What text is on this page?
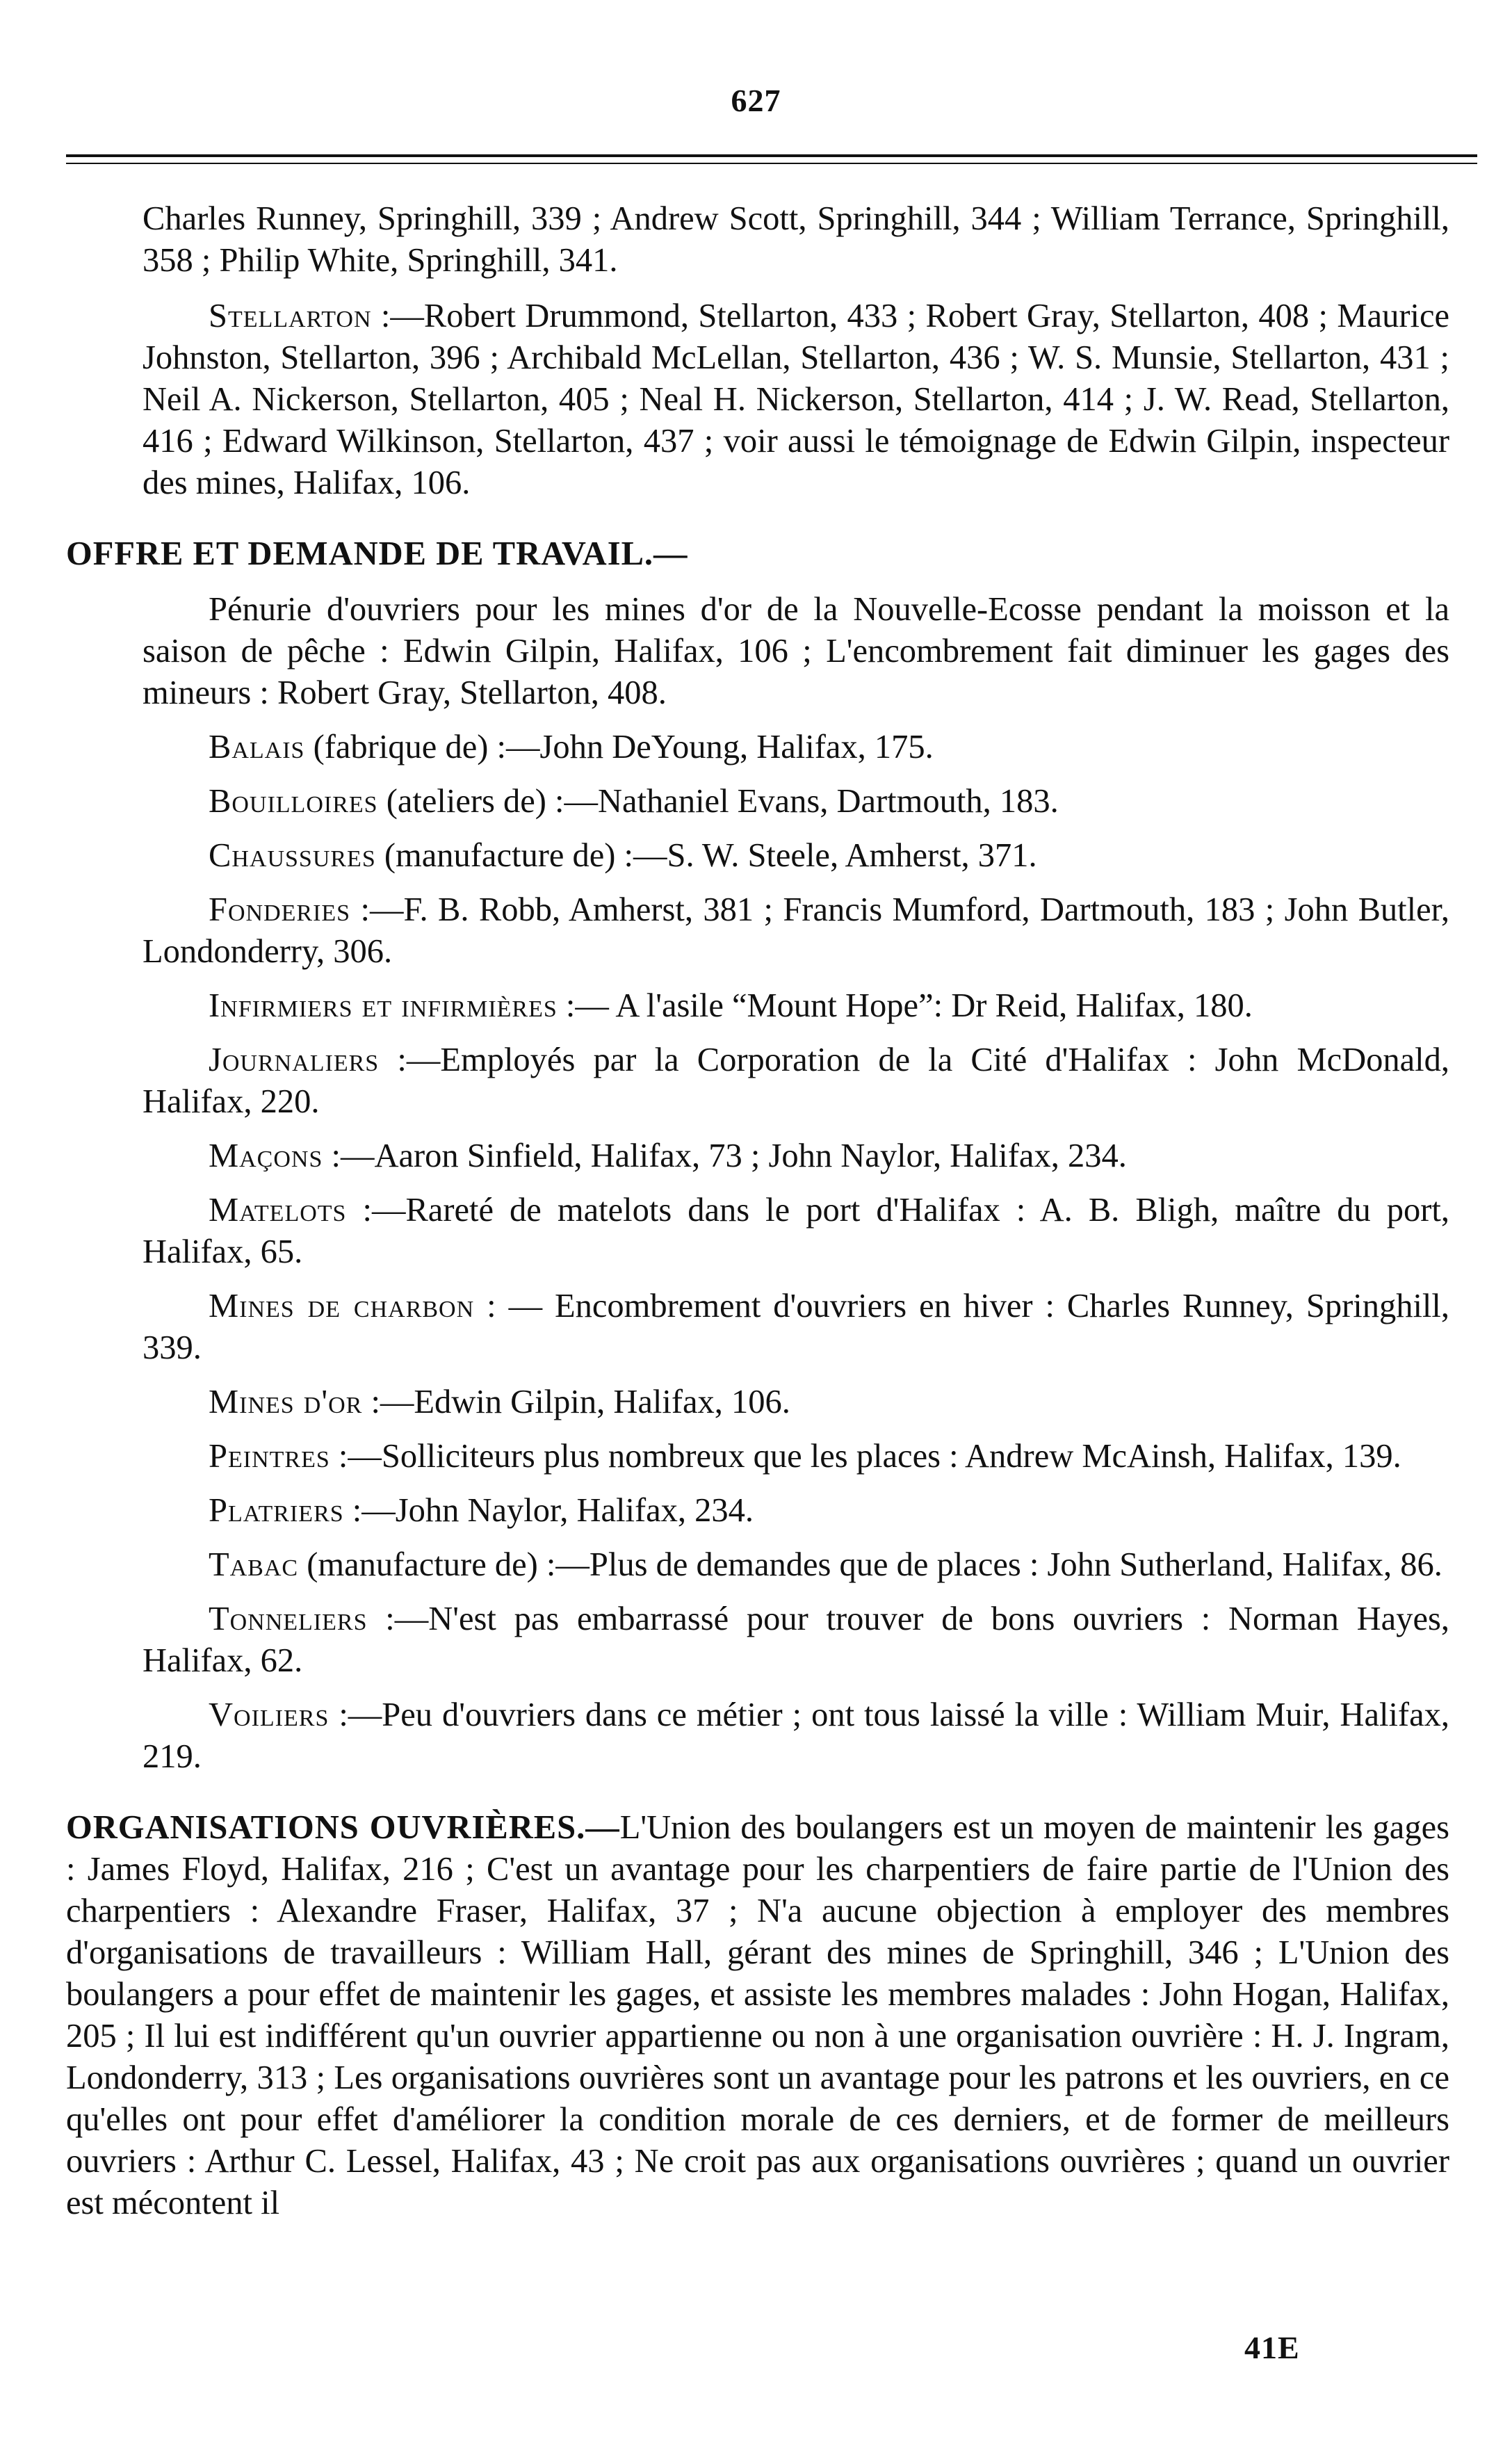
627

Charles Runney, Springhill, 339 ; Andrew Scott, Springhill, 344 ; William Terrance, Springhill, 358 ; Philip White, Springhill, 341.

Stellarton :—Robert Drummond, Stellarton, 433 ; Robert Gray, Stellarton, 408 ; Maurice Johnston, Stellarton, 396 ; Archibald McLellan, Stellarton, 436 ; W. S. Munsie, Stellarton, 431 ; Neil A. Nickerson, Stellarton, 405 ; Neal H. Nickerson, Stellarton, 414 ; J. W. Read, Stellarton, 416 ; Edward Wilkinson, Stellarton, 437 ; voir aussi le témoignage de Edwin Gilpin, inspecteur des mines, Halifax, 106.

OFFRE ET DEMANDE DE TRAVAIL.—

Pénurie d'ouvriers pour les mines d'or de la Nouvelle-Ecosse pendant la moisson et la saison de pêche : Edwin Gilpin, Halifax, 106 ; L'encombrement fait diminuer les gages des mineurs : Robert Gray, Stellarton, 408.

Balais (fabrique de) :—John DeYoung, Halifax, 175.

Bouilloires (ateliers de) :—Nathaniel Evans, Dartmouth, 183.

Chaussures (manufacture de) :—S. W. Steele, Amherst, 371.

Fonderies :—F. B. Robb, Amherst, 381 ; Francis Mumford, Dartmouth, 183 ; John Butler, Londonderry, 306.

Infirmiers et infirmières :— A l'asile “Mount Hope”: Dr Reid, Halifax, 180.

Journaliers :—Employés par la Corporation de la Cité d'Halifax : John McDonald, Halifax, 220.

Maçons :—Aaron Sinfield, Halifax, 73 ; John Naylor, Halifax, 234.

Matelots :—Rareté de matelots dans le port d'Halifax : A. B. Bligh, maître du port, Halifax, 65.

Mines de charbon : — Encombrement d'ouvriers en hiver : Charles Runney, Springhill, 339.

Mines d'or :—Edwin Gilpin, Halifax, 106.

Peintres :—Solliciteurs plus nombreux que les places : Andrew McAinsh, Halifax, 139.

Platriers :—John Naylor, Halifax, 234.

Tabac (manufacture de) :—Plus de demandes que de places : John Sutherland, Halifax, 86.

Tonneliers :—N'est pas embarrassé pour trouver de bons ouvriers : Norman Hayes, Halifax, 62.

Voiliers :—Peu d'ouvriers dans ce métier ; ont tous laissé la ville : William Muir, Halifax, 219.

ORGANISATIONS OUVRIÈRES.—L'Union des boulangers est un moyen de maintenir les gages : James Floyd, Halifax, 216 ; C'est un avantage pour les charpentiers de faire partie de l'Union des charpentiers : Alexandre Fraser, Halifax, 37 ; N'a aucune objection à employer des membres d'organisations de travailleurs : William Hall, gérant des mines de Springhill, 346 ; L'Union des boulangers a pour effet de maintenir les gages, et assiste les membres malades : John Hogan, Halifax, 205 ; Il lui est indifférent qu'un ouvrier appartienne ou non à une organisation ouvrière : H. J. Ingram, Londonderry, 313 ; Les organisations ouvrières sont un avantage pour les patrons et les ouvriers, en ce qu'elles ont pour effet d'améliorer la condition morale de ces derniers, et de former de meilleurs ouvriers : Arthur C. Lessel, Halifax, 43 ; Ne croit pas aux organisations ouvrières ; quand un ouvrier est mécontent il

41E
